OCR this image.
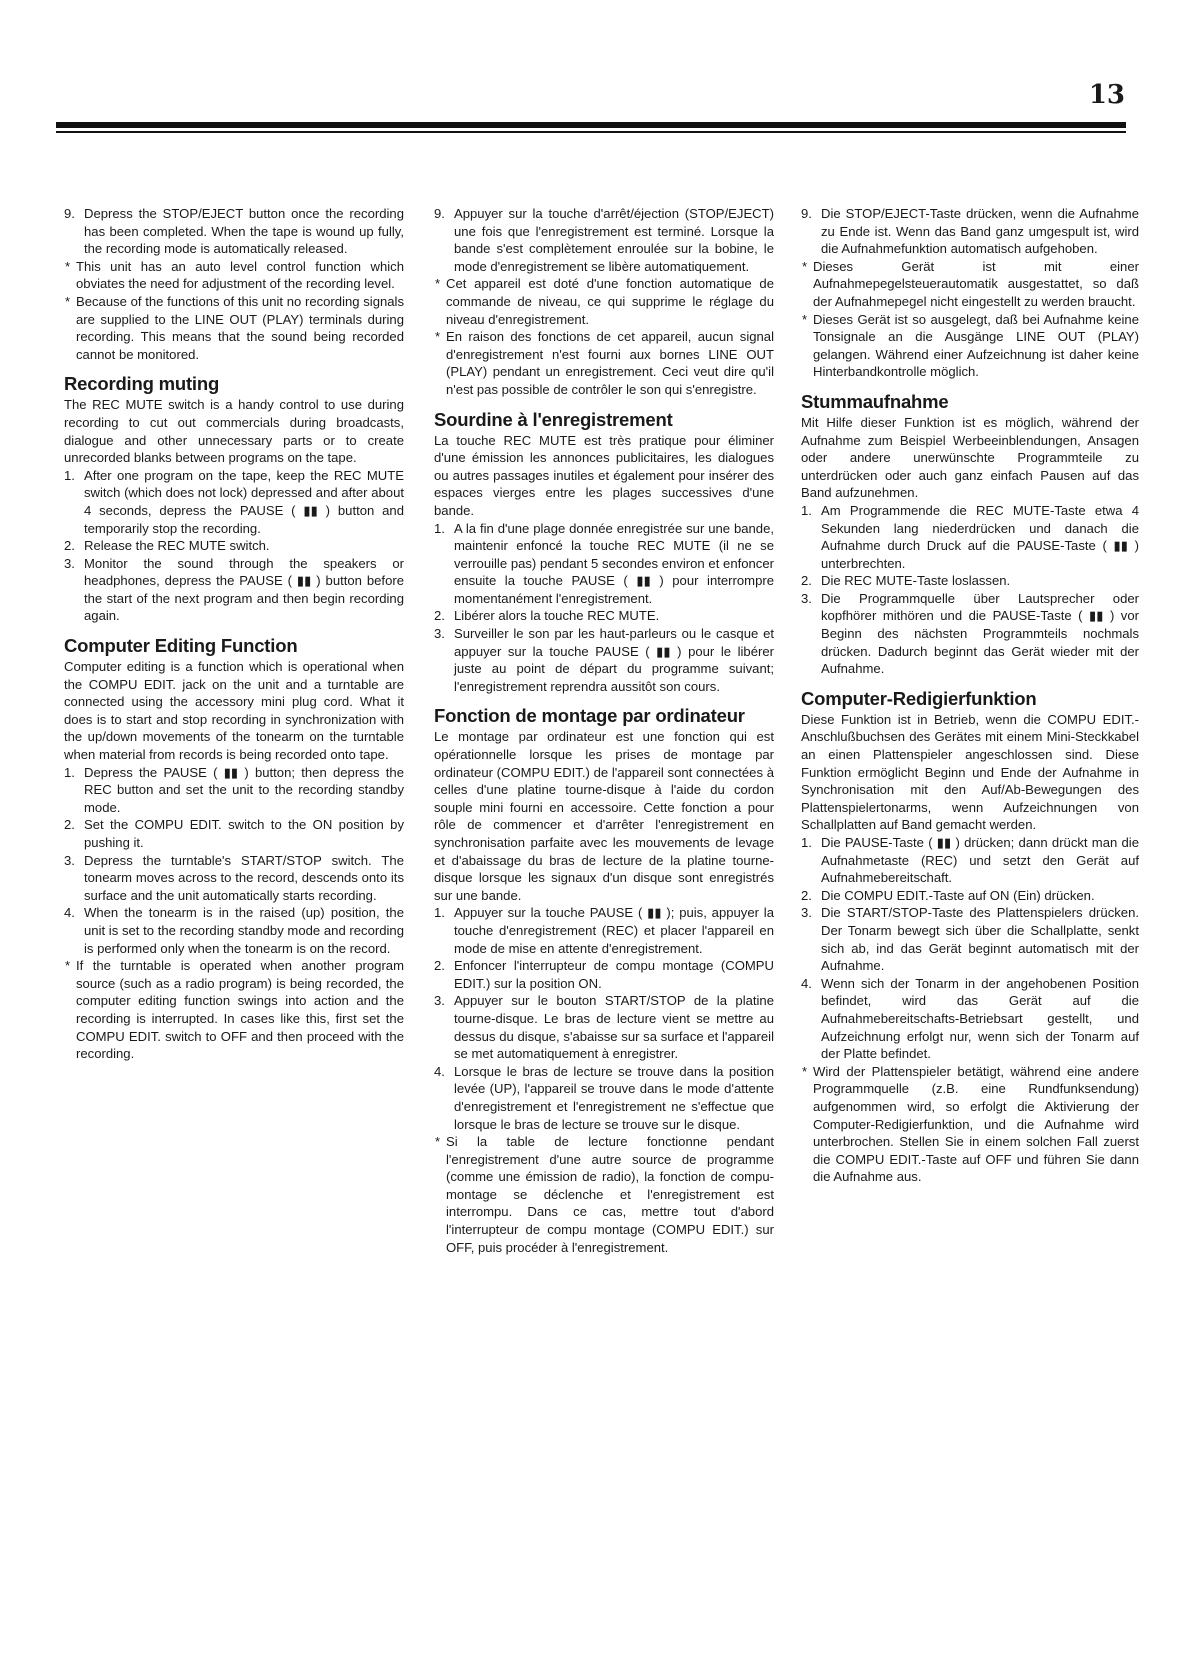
13
9. Depress the STOP/EJECT button once the recording has been completed. When the tape is wound up fully, the recording mode is automatically released.
* This unit has an auto level control function which obviates the need for adjustment of the recording level.
* Because of the functions of this unit no recording signals are supplied to the LINE OUT (PLAY) terminals during recording. This means that the sound being recorded cannot be monitored.
Recording muting

The REC MUTE switch is a handy control to use during recording to cut out commercials during broadcasts, dialogue and other unnecessary parts or to create unrecorded blanks between programs on the tape.

1. After one program on the tape, keep the REC MUTE switch (which does not lock) depressed and after about 4 seconds, depress the PAUSE ( ▮▮ ) button and temporarily stop the recording.
2. Release the REC MUTE switch.
3. Monitor the sound through the speakers or headphones, depress the PAUSE ( ▮▮ ) button before the start of the next program and then begin recording again.
Computer Editing Function

Computer editing is a function which is operational when the COMPU EDIT. jack on the unit and a turntable are connected using the accessory mini plug cord. What it does is to start and stop recording in synchronization with the up/down movements of the tonearm on the turntable when material from records is being recorded onto tape.

1. Depress the PAUSE ( ▮▮ ) button; then depress the REC button and set the unit to the recording standby mode.
2. Set the COMPU EDIT. switch to the ON position by pushing it.
3. Depress the turntable's START/STOP switch. The tonearm moves across to the record, descends onto its surface and the unit automatically starts recording.
4. When the tonearm is in the raised (up) position, the unit is set to the recording standby mode and recording is performed only when the tonearm is on the record.
* If the turntable is operated when another program source (such as a radio program) is being recorded, the computer editing function swings into action and the recording is interrupted. In cases like this, first set the COMPU EDIT. switch to OFF and then proceed with the recording.
9. Appuyer sur la touche d'arrêt/éjection (STOP/EJECT) une fois que l'enregistrement est terminé. Lorsque la bande s'est complètement enroulée sur la bobine, le mode d'enregistrement se libère automatiquement.
* Cet appareil est doté d'une fonction automatique de commande de niveau, ce qui supprime le réglage du niveau d'enregistrement.
* En raison des fonctions de cet appareil, aucun signal d'enregistrement n'est fourni aux bornes LINE OUT (PLAY) pendant un enregistrement. Ceci veut dire qu'il n'est pas possible de contrôler le son qui s'enregistre.
Sourdine à l'enregistrement

La touche REC MUTE est très pratique pour éliminer d'une émission les annonces publicitaires, les dialogues ou autres passages inutiles et également pour insérer des espaces vierges entre les plages successives d'une bande.

1. A la fin d'une plage donnée enregistrée sur une bande, maintenir enfoncé la touche REC MUTE (il ne se verrouille pas) pendant 5 secondes environ et enfoncer ensuite la touche PAUSE ( ▮▮ ) pour interrompre momentanément l'enregistrement.
2. Libérer alors la touche REC MUTE.
3. Surveiller le son par les haut-parleurs ou le casque et appuyer sur la touche PAUSE ( ▮▮ ) pour le libérer juste au point de départ du programme suivant; l'enregistrement reprendra aussitôt son cours.
Fonction de montage par ordinateur

Le montage par ordinateur est une fonction qui est opérationnelle lorsque les prises de montage par ordinateur (COMPU EDIT.) de l'appareil sont connectées à celles d'une platine tourne-disque à l'aide du cordon souple mini fourni en accessoire. Cette fonction a pour rôle de commencer et d'arrêter l'enregistrement en synchronisation parfaite avec les mouvements de levage et d'abaissage du bras de lecture de la platine tourne-disque lorsque les signaux d'un disque sont enregistrés sur une bande.

1. Appuyer sur la touche PAUSE ( ▮▮ ); puis, appuyer la touche d'enregistrement (REC) et placer l'appareil en mode de mise en attente d'enregistrement.
2. Enfoncer l'interrupteur de compu montage (COMPU EDIT.) sur la position ON.
3. Appuyer sur le bouton START/STOP de la platine tourne-disque. Le bras de lecture vient se mettre au dessus du disque, s'abaisse sur sa surface et l'appareil se met automatiquement à enregistrer.
4. Lorsque le bras de lecture se trouve dans la position levée (UP), l'appareil se trouve dans le mode d'attente d'enregistrement et l'enregistrement ne s'effectue que lorsque le bras de lecture se trouve sur le disque.
* Si la table de lecture fonctionne pendant l'enregistrement d'une autre source de programme (comme une émission de radio), la fonction de compu-montage se déclenche et l'enregistrement est interrompu. Dans ce cas, mettre tout d'abord l'interrupteur de compu montage (COMPU EDIT.) sur OFF, puis procéder à l'enregistrement.
9. Die STOP/EJECT-Taste drücken, wenn die Aufnahme zu Ende ist. Wenn das Band ganz umgespult ist, wird die Aufnahmefunktion automatisch aufgehoben.
* Dieses Gerät ist mit einer Aufnahmepegelsteuerautomatik ausgestattet, so daß der Aufnahmepegel nicht eingestellt zu werden braucht.
* Dieses Gerät ist so ausgelegt, daß bei Aufnahme keine Tonsignale an die Ausgänge LINE OUT (PLAY) gelangen. Während einer Aufzeichnung ist daher keine Hinterbandkontrolle möglich.
Stummaufnahme

Mit Hilfe dieser Funktion ist es möglich, während der Aufnahme zum Beispiel Werbeeinblendungen, Ansagen oder andere unerwünschte Programmteile zu unterdrücken oder auch ganz einfach Pausen auf das Band aufzunehmen.

1. Am Programmende die REC MUTE-Taste etwa 4 Sekunden lang niederdrücken und danach die Aufnahme durch Druck auf die PAUSE-Taste ( ▮▮ ) unterbrechten.
2. Die REC MUTE-Taste loslassen.
3. Die Programmquelle über Lautsprecher oder kopfhörer mithören und die PAUSE-Taste ( ▮▮ ) vor Beginn des nächsten Programmteils nochmals drücken. Dadurch beginnt das Gerät wieder mit der Aufnahme.
Computer-Redigierfunktion

Diese Funktion ist in Betrieb, wenn die COMPU EDIT.-Anschlußbuchsen des Gerätes mit einem Mini-Steckkabel an einen Plattenspieler angeschlossen sind. Diese Funktion ermöglicht Beginn und Ende der Aufnahme in Synchronisation mit den Auf/Ab-Bewegungen des Plattenspielertonarms, wenn Aufzeichnungen von Schallplatten auf Band gemacht werden.

1. Die PAUSE-Taste ( ▮▮ ) drücken; dann drückt man die Aufnahmetaste (REC) und setzt den Gerät auf Aufnahmebereitschaft.
2. Die COMPU EDIT.-Taste auf ON (Ein) drücken.
3. Die START/STOP-Taste des Plattenspielers drücken. Der Tonarm bewegt sich über die Schallplatte, senkt sich ab, ind das Gerät beginnt automatisch mit der Aufnahme.
4. Wenn sich der Tonarm in der angehobenen Position befindet, wird das Gerät auf die Aufnahmebereitschafts-Betriebsart gestellt, und Aufzeichnung erfolgt nur, wenn sich der Tonarm auf der Platte befindet.
* Wird der Plattenspieler betätigt, während eine andere Programmquelle (z.B. eine Rundfunksendung) aufgenommen wird, so erfolgt die Aktivierung der Computer-Redigierfunktion, und die Aufnahme wird unterbrochen. Stellen Sie in einem solchen Fall zuerst die COMPU EDIT.-Taste auf OFF und führen Sie dann die Aufnahme aus.
